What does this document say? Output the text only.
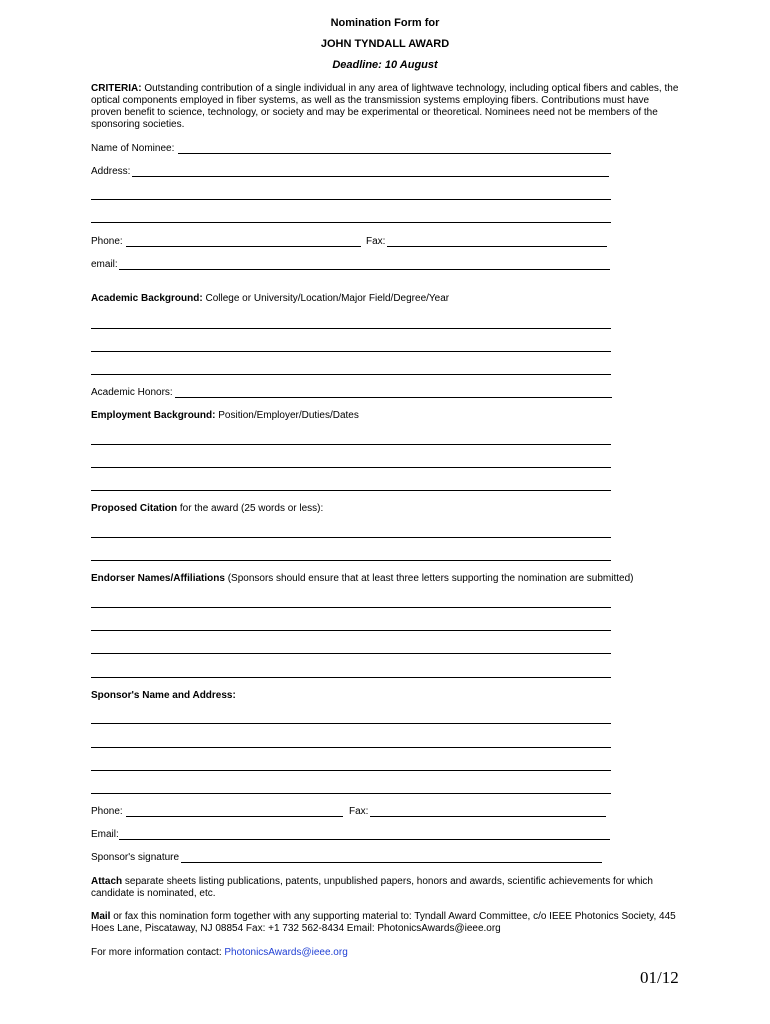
Nomination Form for
JOHN TYNDALL AWARD
Deadline: 10 August
CRITERIA: Outstanding contribution of a single individual in any area of lightwave technology, including optical fibers and cables, the optical components employed in fiber systems, as well as the transmission systems employing fibers. Contributions must have proven benefit to science, technology, or society and may be experimental or theoretical. Nominees need not be members of the sponsoring societies.
Name of Nominee:
Address:
Phone:	Fax:
email:
Academic Background: College or University/Location/Major Field/Degree/Year
Academic Honors:
Employment Background: Position/Employer/Duties/Dates
Proposed Citation for the award (25 words or less):
Endorser Names/Affiliations (Sponsors should ensure that at least three letters supporting the nomination are submitted)
Sponsor's Name and Address:
Phone:	Fax:
Email:
Sponsor's signature
Attach separate sheets listing publications, patents, unpublished papers, honors and awards, scientific achievements for which candidate is nominated, etc.
Mail or fax this nomination form together with any supporting material to: Tyndall Award Committee, c/o IEEE Photonics Society, 445 Hoes Lane, Piscataway, NJ 08854 Fax: +1 732 562-8434 Email: PhotonicsAwards@ieee.org
For more information contact: PhotonicsAwards@ieee.org
01/12
